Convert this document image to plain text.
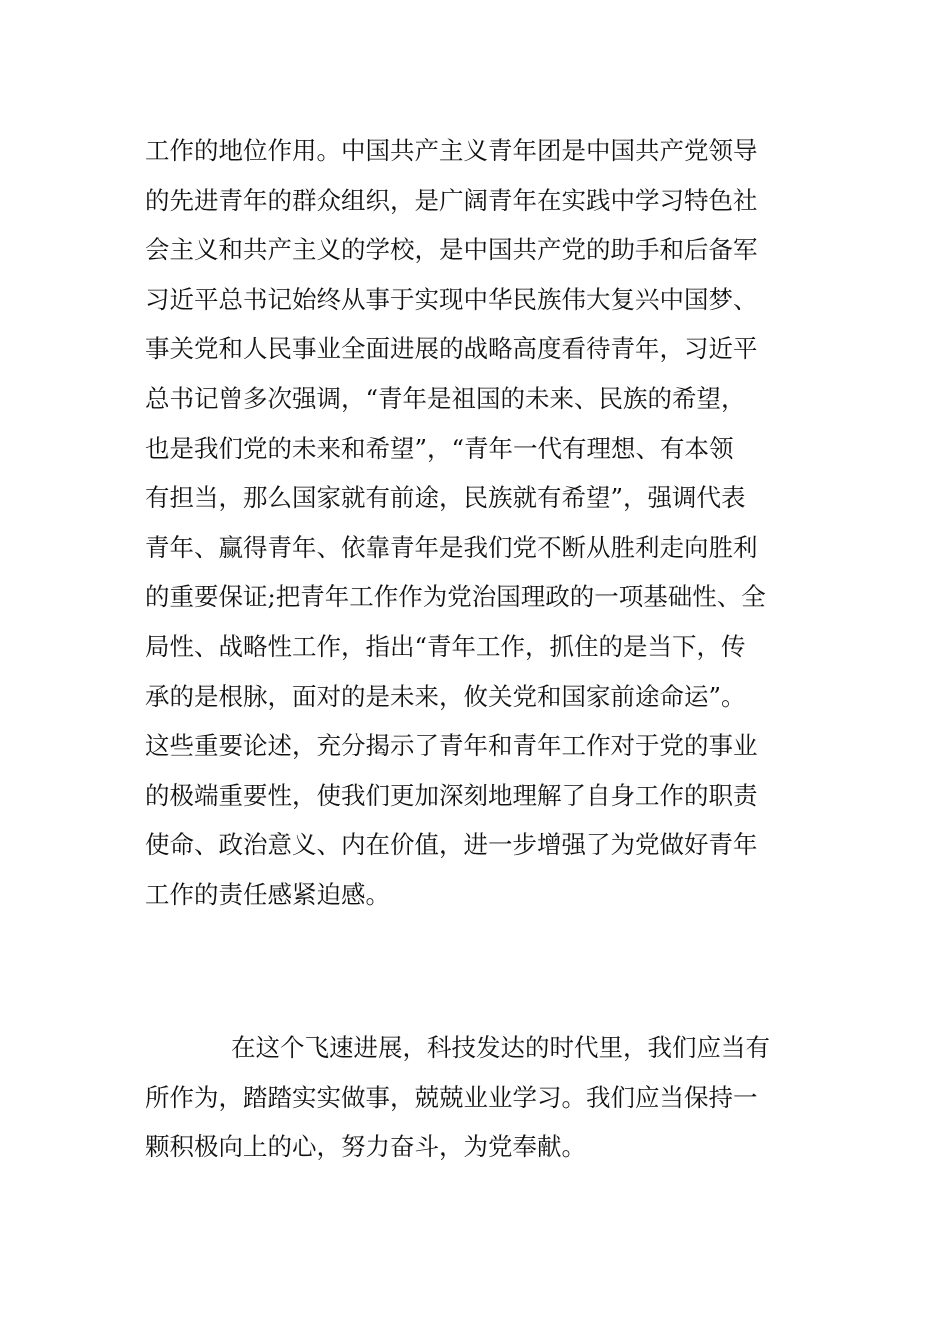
工作的地位作用。中国共产主义青年团是中国共产党领导
的先进青年的群众组织，是广阔青年在实践中学习特色社
会主义和共产主义的学校，是中国共产党的助手和后备军
习近平总书记始终从事于实现中华民族伟大复兴中国梦、
事关党和人民事业全面进展的战略高度看待青年，习近平
总书记曾多次强调，“青年是祖国的未来、民族的希望，
也是我们党的未来和希望”，“青年一代有理想、有本领
有担当，那么国家就有前途，民族就有希望”，强调代表
青年、赢得青年、依靠青年是我们党不断从胜利走向胜利
的重要保证;把青年工作作为党治国理政的一项基础性、全
局性、战略性工作，指出“青年工作，抓住的是当下，传
承的是根脉，面对的是未来，攸关党和国家前途命运”。
这些重要论述，充分揭示了青年和青年工作对于党的事业
的极端重要性，使我们更加深刻地理解了自身工作的职责
使命、政治意义、内在价值，进一步增强了为党做好青年
工作的责任感紧迫感。
在这个飞速进展，科技发达的时代里，我们应当有
所作为，踏踏实实做事，兢兢业业学习。我们应当保持一
颗积极向上的心，努力奋斗，为党奉献。
